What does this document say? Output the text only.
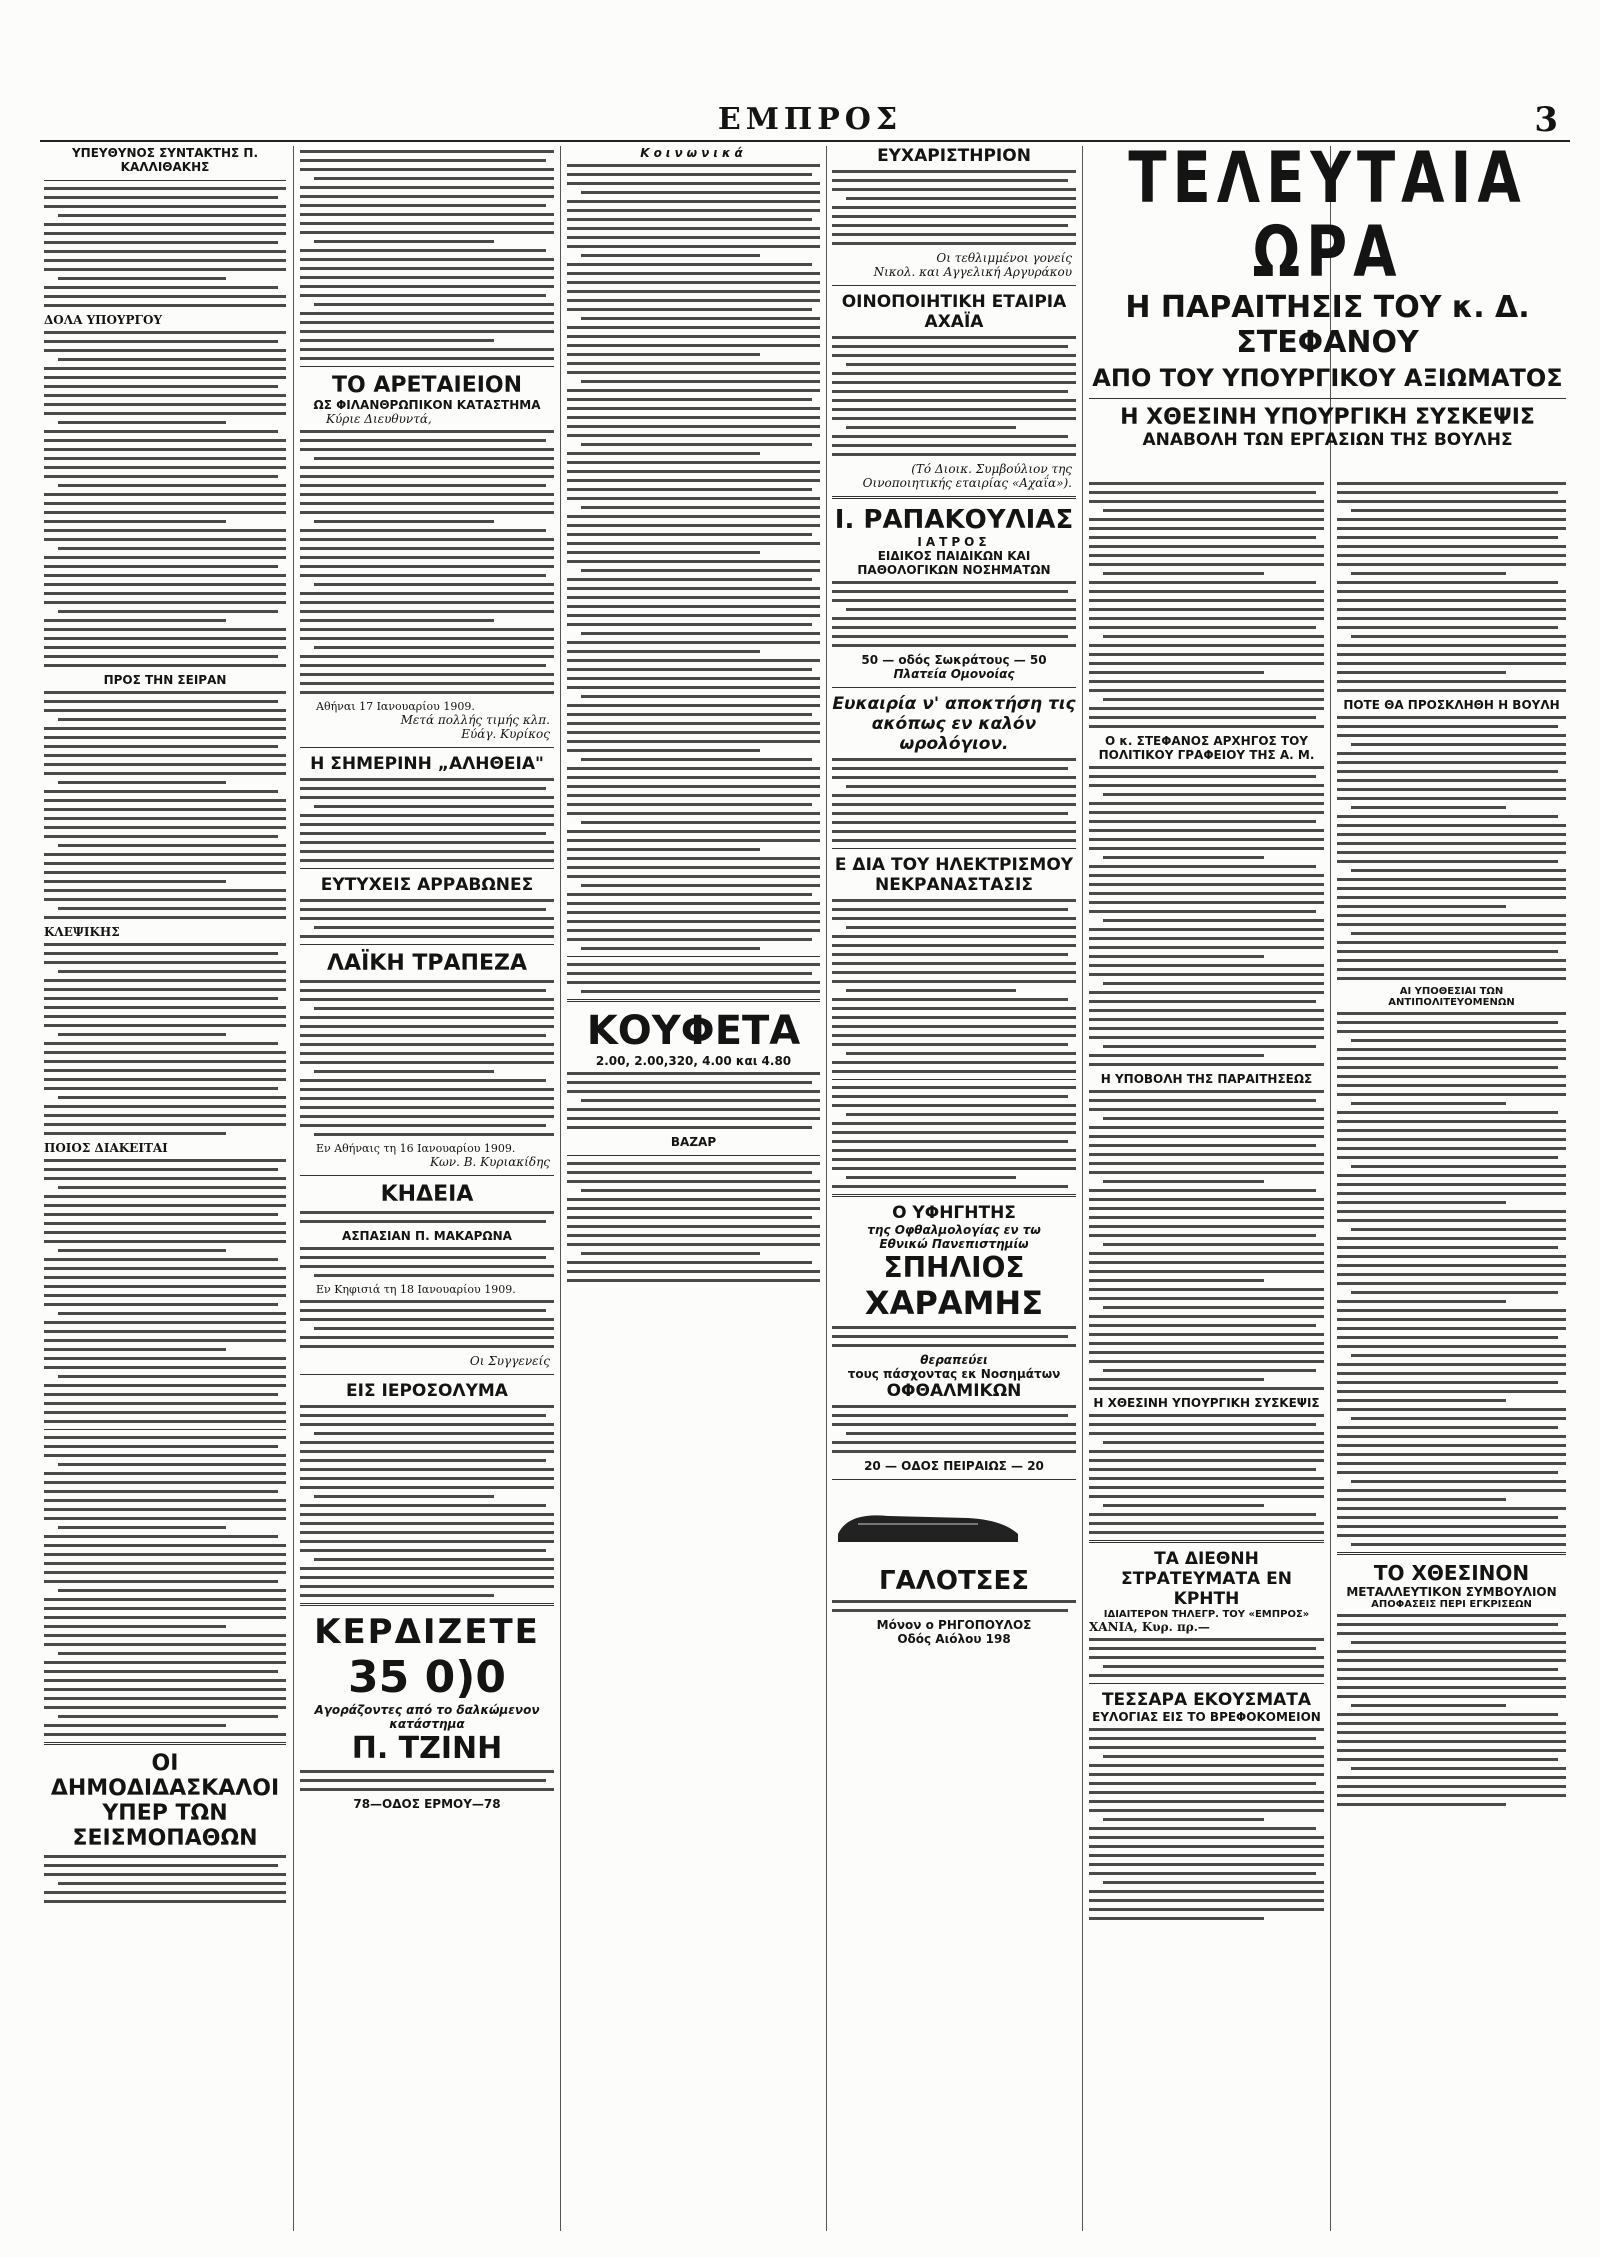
ΕΜΠΡΟΣ	3
ΥΠΕΥΘΥΝΟΣ ΣΥΝΤΑΚΤΗΣ Π. ΚΑΛΛΙΘΑΚΗΣ
ΔΟΛΑ ΥΠΟΥΡΓΟΥ
ΠΡΟΣ ΤΗΝ ΣΕΙΡΑΝ
ΚΛΕΨΙΚΗΣ
ΠΟΙΟΣ ΔΙΑΚΕΙΤΑΙ
ΟΙ ΔΗΜΟΔΙΔΑΣΚΑΛΟΙ ΥΠΕΡ ΤΩΝ ΣΕΙΣΜΟΠΑΘΩΝ
ΤΟ ΑΡΕΤΑΙΕΙΟΝ
ΩΣ ΦΙΛΑΝΘΡΩΠΙΚΟΝ ΚΑΤΑΣΤΗΜΑ
Κύριε Διευθυντά,
Αθήναι 17 Ιανουαρίου 1909.
Μετά πολλής τιμής κλπ.
Εύάγ. Κυρίκος
Η ΣΗΜΕΡΙΝΗ „ΑΛΗΘΕΙΑ"
ΕΥΤΥΧΕΙΣ ΑΡΡΑΒΩΝΕΣ
ΛΑΪΚΗ ΤΡΑΠΕΖΑ
Εν Αθήναις τη 16 Ιανουαρίου 1909.
Κων. Β. Κυριακίδης
ΚΗΔΕΙΑ
ΑΣΠΑΣΙΑΝ Π. ΜΑΚΑΡΩΝΑ
Εν Κηφισιά τη 18 Ιανουαρίου 1909.
Οι Συγγενείς
ΕΙΣ ΙΕΡΟΣΟΛΥΜΑ
ΚΕΡΔΙΖΕΤΕ
35 0)0
Αγοράζοντες από το δαλκώμενον κατάστημα
Π. ΤΖΙΝΗ
78—ΟΔΟΣ ΕΡΜΟΥ—78
Κοινωνικά
ΚΟΥΦΕΤΑ
2.00, 2.00,320, 4.00 και 4.80
ΒΑΖΑΡ
ΕΥΧΑΡΙΣΤΗΡΙΟΝ
Οι τεθλιμμένοι γονείς
Νικολ. και Αγγελική Αργυράκου
ΟΙΝΟΠΟΙΗΤΙΚΗ ΕΤΑΙΡΙΑ ΑΧΑΪΑ
(Τό Διοικ. Συμβούλιον της Οινοποιητικής εταιρίας «Αχαΐα»).
Ι. ΡΑΠΑΚΟΥΛΙΑΣ
ΙΑΤΡΟΣ
ΕΙΔΙΚΟΣ ΠΑΙΔΙΚΩΝ ΚΑΙ ΠΑΘΟΛΟΓΙΚΩΝ ΝΟΣΗΜΑΤΩΝ
50 — οδός Σωκράτους — 50
Πλατεία Ομονοίας
Ευκαιρία ν' αποκτήση τις ακόπως εν καλόν ωρολόγιον.
Ε ΔΙΑ ΤΟΥ ΗΛΕΚΤΡΙΣΜΟΥ ΝΕΚΡΑΝΑΣΤΑΣΙΣ
Ο ΥΦΗΓΗΤΗΣ
της Οφθαλμολογίας εν τω
Εθνικώ Πανεπιστημίω
ΣΠΗΛΙΟΣ
ΧΑΡΑΜΗΣ
θεραπεύει
τους πάσχοντας εκ Νοσημάτων
ΟΦΘΑΛΜΙΚΩΝ
20 — ΟΔΟΣ ΠΕΙΡΑΙΩΣ — 20
ΓΑΛΟΤΣΕΣ
Μόνον ο ΡΗΓΟΠΟΥΛΟΣ
Οδός Αιόλου 198
ΤΕΛΕΥΤΑΙΑ ΩΡΑ
Η ΠΑΡΑΙΤΗΣΙΣ ΤΟΥ κ. Δ. ΣΤΕΦΑΝΟΥ
ΑΠΟ ΤΟΥ ΥΠΟΥΡΓΙΚΟΥ ΑΞΙΩΜΑΤΟΣ
Η ΧΘΕΣΙΝΗ ΥΠΟΥΡΓΙΚΗ ΣΥΣΚΕΨΙΣ
ΑΝΑΒΟΛΗ ΤΩΝ ΕΡΓΑΣΙΩΝ ΤΗΣ ΒΟΥΛΗΣ
Ο κ. ΣΤΕΦΑΝΟΣ ΑΡΧΗΓΟΣ ΤΟΥ ΠΟΛΙΤΙΚΟΥ ΓΡΑΦΕΙΟΥ ΤΗΣ Α. Μ.
Η ΥΠΟΒΟΛΗ ΤΗΣ ΠΑΡΑΙΤΗΣΕΩΣ
Η ΧΘΕΣΙΝΗ ΥΠΟΥΡΓΙΚΗ ΣΥΣΚΕΨΙΣ
ΤΑ ΔΙΕΘΝΗ ΣΤΡΑΤΕΥΜΑΤΑ ΕΝ ΚΡΗΤΗ
ΙΔΙΑΙΤΕΡΟΝ ΤΗΛΕΓΡ. ΤΟΥ «ΕΜΠΡΟΣ»
ΧΑΝΙΑ, Κυρ. πρ.—
ΤΕΣΣΑΡΑ ΕΚΟΥΣΜΑΤΑ
ΕΥΛΟΓΙΑΣ ΕΙΣ ΤΟ ΒΡΕΦΟΚΟΜΕΙΟΝ
ΠΟΤΕ ΘΑ ΠΡΟΣΚΛΗΘΗ Η ΒΟΥΛΗ
ΑΙ ΥΠΟΘΕΣΙΑΙ ΤΩΝ ΑΝΤΙΠΟΛΙΤΕΥΟΜΕΝΩΝ
ΤΟ ΧΘΕΣΙΝΟΝ
ΜΕΤΑΛΛΕΥΤΙΚΟΝ ΣΥΜΒΟΥΛΙΟΝ
ΑΠΟΦΑΣΕΙΣ ΠΕΡΙ ΕΓΚΡΙΣΕΩΝ
